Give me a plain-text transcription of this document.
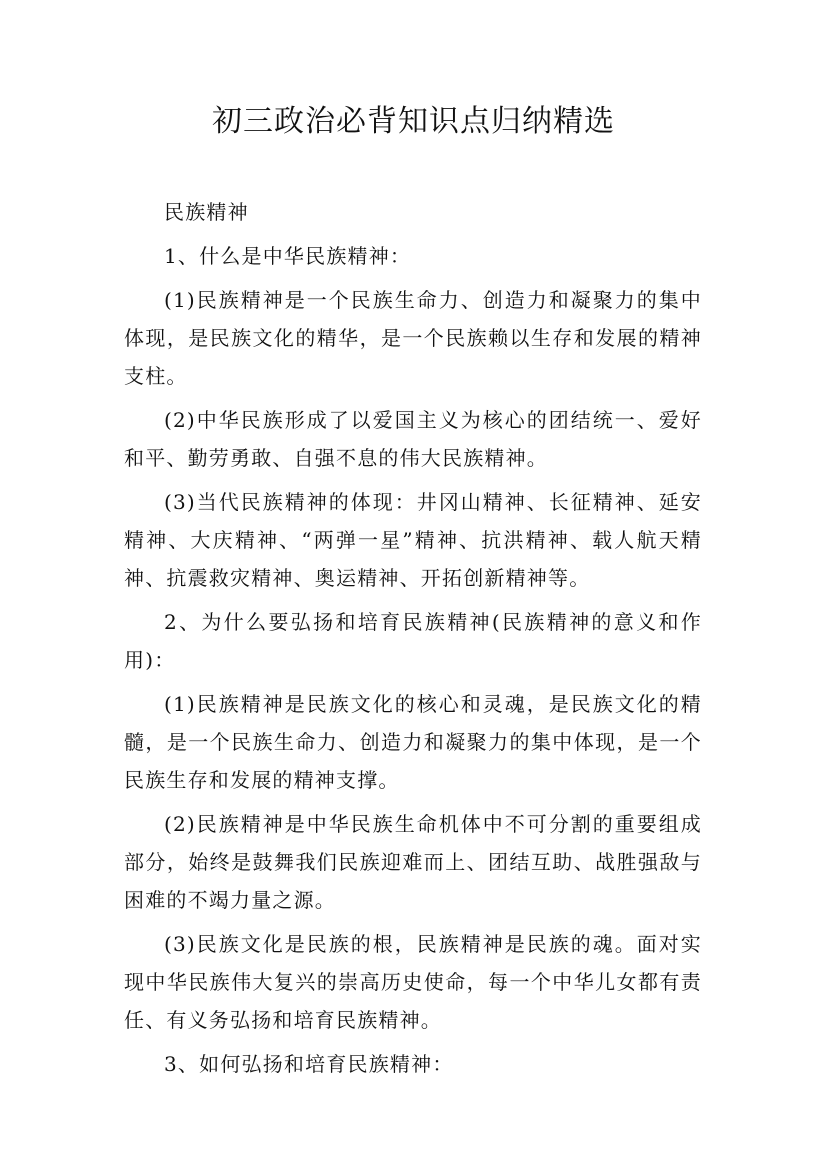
初三政治必背知识点归纳精选

民族精神

1、什么是中华民族精神：

(1)民族精神是一个民族生命力、创造力和凝聚力的集中体现，是民族文化的精华，是一个民族赖以生存和发展的精神支柱。

(2)中华民族形成了以爱国主义为核心的团结统一、爱好和平、勤劳勇敢、自强不息的伟大民族精神。

(3)当代民族精神的体现：井冈山精神、长征精神、延安精神、大庆精神、“两弹一星”精神、抗洪精神、载人航天精神、抗震救灾精神、奥运精神、开拓创新精神等。

2、为什么要弘扬和培育民族精神(民族精神的意义和作用)：

(1)民族精神是民族文化的核心和灵魂，是民族文化的精髓，是一个民族生命力、创造力和凝聚力的集中体现，是一个民族生存和发展的精神支撑。

(2)民族精神是中华民族生命机体中不可分割的重要组成部分，始终是鼓舞我们民族迎难而上、团结互助、战胜强敌与困难的不竭力量之源。

(3)民族文化是民族的根，民族精神是民族的魂。面对实现中华民族伟大复兴的崇高历史使命，每一个中华儿女都有责任、有义务弘扬和培育民族精神。

3、如何弘扬和培育民族精神：
